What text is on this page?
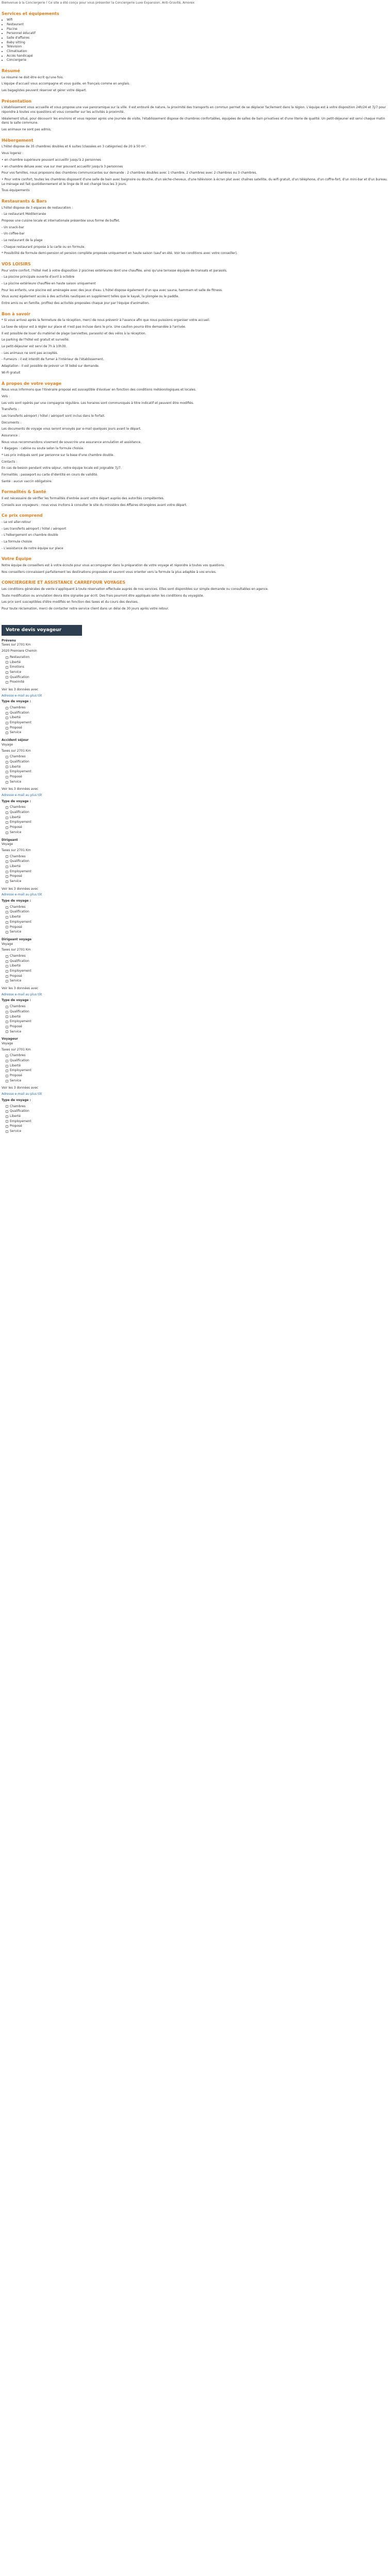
Bienvenue à la Conciergerie ! Ce site a été conçu pour vous présenter la Conciergerie Luxe Expansion, Anti-Gravité, Amorex

Services et équipements
• Wifi
• Restaurant
• Piscine
• Personnel éducatif
• Salle d'affaires
• Baby sitting
• Télévision
• Climatisation
• Accès handicapé
• Conciergerie
Résumé

Le résumé ne doit être écrit qu'une fois.

L'équipe d'accueil vous accompagne et vous guide, en français comme en anglais.

Les bagagistes peuvent réserver et gérer votre départ.

Présentation

L'établissement vous accueille et vous propose une vue panoramique sur la ville. Il est entouré de nature, la proximité des transports en commun permet de se déplacer facilement dans la région. L'équipe est à votre disposition 24h/24 et 7j/7 pour répondre à toutes vos questions et vous conseiller sur les activités à proximité.

Idéalement situé, pour découvrir les environs et vous reposer après une journée de visite, l'établissement dispose de chambres confortables, équipées de salles de bain privatives et d'une literie de qualité. Un petit-déjeuner est servi chaque matin dans la salle commune.

Les animaux ne sont pas admis.

Hébergement

L'hôtel dispose de 35 chambres doubles et 6 suites (classées en 3 catégories) de 20 à 50 m².

Vous logerez :

• en chambre supérieure pouvant accueillir jusqu'à 2 personnes

• en chambre deluxe avec vue sur mer pouvant accueillir jusqu'à 3 personnes

Pour vos familles, nous proposons des chambres communicantes sur demande : 2 chambres doubles avec 1 chambre, 2 chambres avec 2 chambres ou 3 chambres.

• Pour votre confort, toutes les chambres disposent d'une salle de bain avec baignoire ou douche, d'un sèche-cheveux, d'une télévision à écran plat avec chaînes satellite, du wifi gratuit, d'un téléphone, d'un coffre-fort, d'un mini-bar et d'un bureau. Le ménage est fait quotidiennement et le linge de lit est changé tous les 3 jours.

Tous équipements

Restaurants & Bars

L'hôtel dispose de 3 espaces de restauration :

- Le restaurant Méditerranée

Propose une cuisine locale et internationale présentée sous forme de buffet.

- Un snack-bar

- Un coffee-bar

- Le restaurant de la plage

- Chaque restaurant propose à la carte ou en formule.

* Possibilité de formule demi-pension et pension complète proposée uniquement en haute saison (sauf en été. Voir les conditions avec votre conseiller).

VOS LOISIRS

Pour votre confort, l'hôtel met à votre disposition 2 piscines extérieures dont une chauffée, ainsi qu'une terrasse équipée de transats et parasols.

- La piscine principale ouverte d'avril à octobre

- La piscine extérieure chauffée en haute saison uniquement

Pour les enfants, une piscine est aménagée avec des jeux d'eau. L'hôtel dispose également d'un spa avec sauna, hammam et salle de fitness.

Vous aurez également accès à des activités nautiques en supplément telles que le kayak, la plongée ou le paddle.

Entre amis ou en famille, profitez des activités proposées chaque jour par l'équipe d'animation.

Bon à savoir

* Si vous arrivez après la fermeture de la réception, merci de nous prévenir à l'avance afin que nous puissions organiser votre accueil.

La taxe de séjour est à régler sur place et n'est pas incluse dans le prix. Une caution pourra être demandée à l'arrivée.

Il est possible de louer du matériel de plage (serviettes, parasols) et des vélos à la réception.

Le parking de l'hôtel est gratuit et surveillé.

Le petit-déjeuner est servi de 7h à 10h30.

- Les animaux ne sont pas acceptés.

- Fumeurs : il est interdit de fumer à l'intérieur de l'établissement.

Adaptation : Il est possible de prévoir un lit bébé sur demande.

Wi-Fi gratuit

À propos de votre voyage

Nous vous informons que l'itinéraire proposé est susceptible d'évoluer en fonction des conditions météorologiques et locales.

Vols :

Les vols sont opérés par une compagnie régulière. Les horaires sont communiqués à titre indicatif et peuvent être modifiés.

Transferts :

Les transferts aéroport / hôtel / aéroport sont inclus dans le forfait.

Documents :

Les documents de voyage vous seront envoyés par e-mail quelques jours avant le départ.

Assurance :

Nous vous recommandons vivement de souscrire une assurance annulation et assistance.

• Bagages : cabine ou soute selon la formule choisie.

* Les prix indiqués sont par personne sur la base d'une chambre double.

Contacts :

En cas de besoin pendant votre séjour, notre équipe locale est joignable 7j/7.

Formalités : passeport ou carte d'identité en cours de validité.

Santé : aucun vaccin obligatoire.

Formalités & Santé

Il est nécessaire de vérifier les formalités d'entrée avant votre départ auprès des autorités compétentes.

Conseils aux voyageurs : nous vous invitons à consulter le site du ministère des Affaires étrangères avant votre départ.

Ce prix comprend

- Le vol aller-retour

- Les transferts aéroport / hôtel / aéroport

- L'hébergement en chambre double

- La formule choisie

- L'assistance de notre équipe sur place

Votre Équipe

Notre équipe de conseillers est à votre écoute pour vous accompagner dans la préparation de votre voyage et répondre à toutes vos questions.

Nos conseillers connaissent parfaitement les destinations proposées et sauront vous orienter vers la formule la plus adaptée à vos envies.

CONCIERGERIE ET ASSISTANCE CARREFOUR VOYAGES

Les conditions générales de vente s'appliquent à toute réservation effectuée auprès de nos services. Elles sont disponibles sur simple demande ou consultables en agence.

Toute modification ou annulation devra être signalée par écrit. Des frais pourront être appliqués selon les conditions du voyagiste.

Les prix sont susceptibles d'être modifiés en fonction des taxes et du cours des devises.

Pour toute réclamation, merci de contacter notre service client dans un délai de 30 jours après votre retour.

Votre devis voyageur
Prévenu
Taxes sur 2701 Km
2020 Premiere Chemin
Restauration
Liberté
Émotions
Service
Qualification
Proximité
Voir les 3 données avec
Adresse e-mail au plus tôt
Type de voyage :
Chambres
Qualification
Liberté
Employement
Proposé
Service
Accident séjour
Voyage
Taxes sur 2701 Km
Chambres
Qualification
Liberté
Employement
Proposé
Service
Voir les 3 données avec
Adresse e-mail au plus tôt
Type de voyage :
Chambres
Qualification
Liberté
Employement
Proposé
Service
Dirigeant
Voyage
Taxes sur 2701 Km
Chambres
Qualification
Liberté
Employement
Proposé
Service
Voir les 3 données avec
Adresse e-mail au plus tôt
Type de voyage :
Chambres
Qualification
Liberté
Employement
Proposé
Service
Dirigeant voyage
Voyage
Taxes sur 2701 Km
Chambres
Qualification
Liberté
Employement
Proposé
Service
Voir les 3 données avec
Adresse e-mail au plus tôt
Type de voyage :
Chambres
Qualification
Liberté
Employement
Proposé
Service
Voyageur
Voyage
Taxes sur 2701 Km
Chambres
Qualification
Liberté
Employement
Proposé
Service
Voir les 3 données avec
Adresse e-mail au plus tôt
Type de voyage :
Chambres
Qualification
Liberté
Employement
Proposé
Service
